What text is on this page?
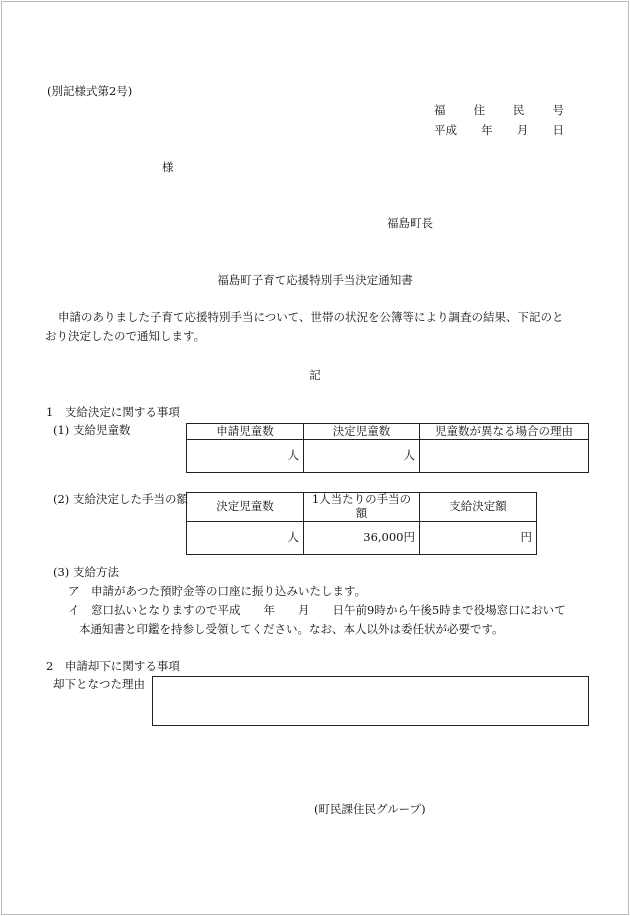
(別記様式第2号)
福 住 民 号
平成 年 月 日
様
福島町長
福島町子育て応援特別手当決定通知書
申請のありました子育て応援特別手当について、世帯の状況を公簿等により調査の結果、下記のと
おり決定したので通知します。
記
1　支給決定に関する事項
(1) 支給児童数	申請児童数	決定児童数	児童数が異なる場合の理由
人	人	
(2) 支給決定した手当の額 決定児童数	1人当たりの手当の額	支給決定額
人	36,000円	円
(3) 支給方法
ア　申請があつた預貯金等の口座に振り込みいたします。
イ　窓口払いとなりますので平成　　年　　月　　日午前9時から午後5時まで役場窓口において
本通知書と印鑑を持参し受領してください。なお、本人以外は委任状が必要です。
2　申請却下に関する事項
却下となつた理由
(町民課住民グループ)
